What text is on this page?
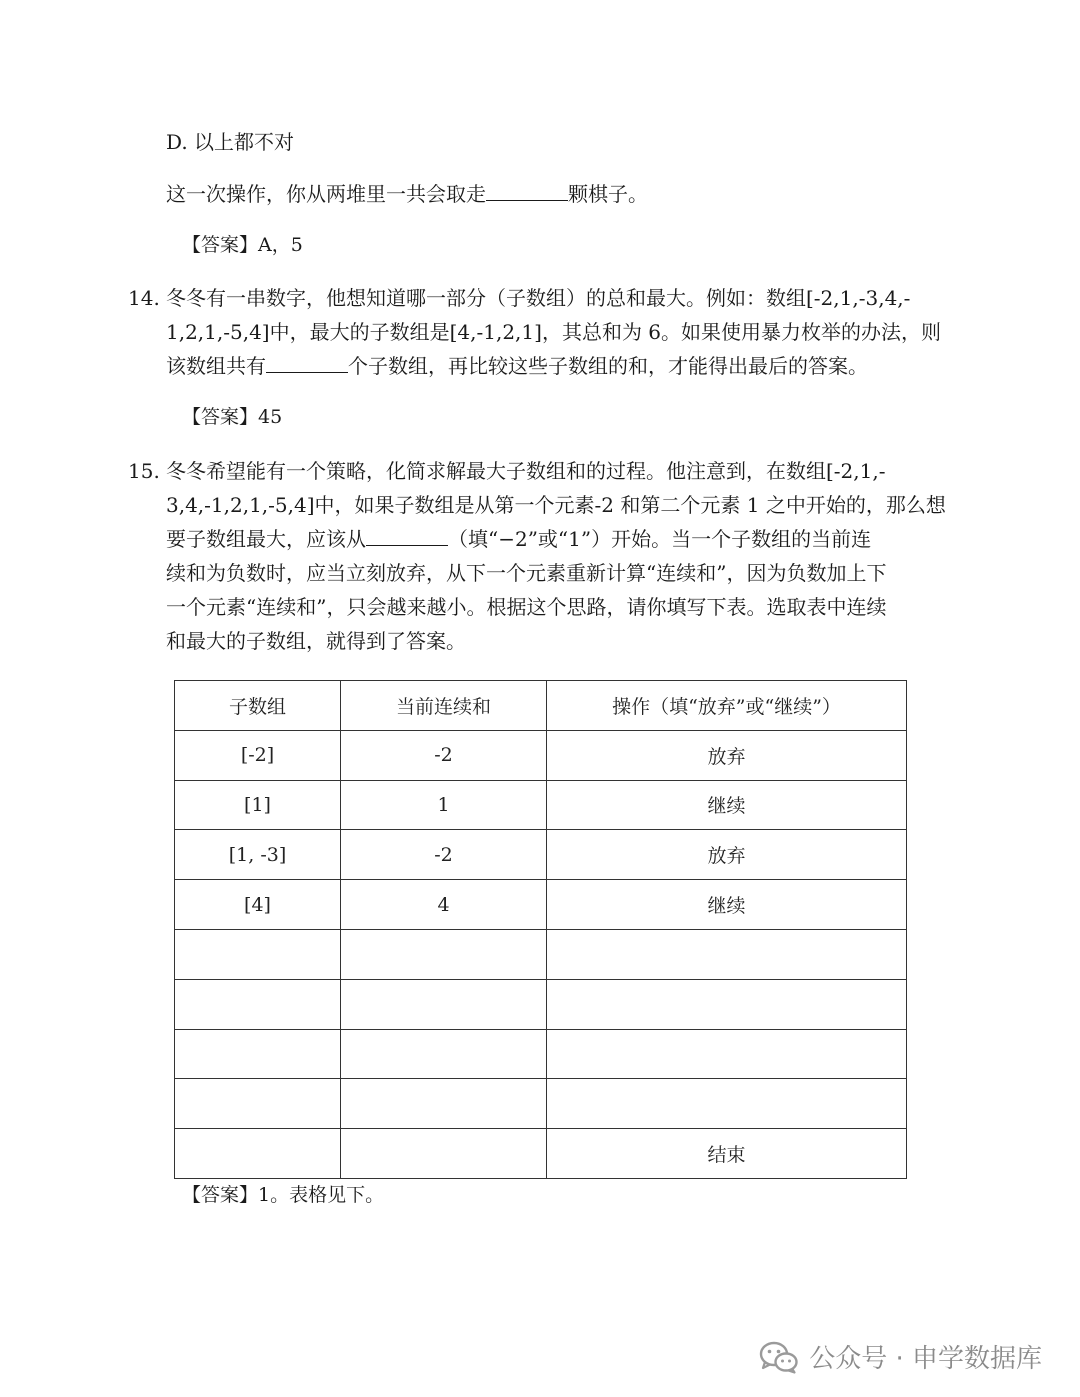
D. 以上都不对
这一次操作，你从两堆里一共会取走	颗棋子。
【答案】A，5
14. 冬冬有一串数字，他想知道哪一部分（子数组）的总和最大。例如：数组[-2,1,-3,4,-
1,2,1,-5,4]中，最大的子数组是[4,-1,2,1]，其总和为 6。如果使用暴力枚举的办法，则
该数组共有	个子数组，再比较这些子数组的和，才能得出最后的答案。
【答案】45
15. 冬冬希望能有一个策略，化简求解最大子数组和的过程。他注意到，在数组[-2,1,-
3,4,-1,2,1,-5,4]中，如果子数组是从第一个元素-2 和第二个元素 1 之中开始的，那么想
要子数组最大，应该从	（填“−2”或“1”）开始。当一个子数组的当前连
续和为负数时，应当立刻放弃，从下一个元素重新计算“连续和”，因为负数加上下
一个元素“连续和”，只会越来越小。根据这个思路，请你填写下表。选取表中连续
和最大的子数组，就得到了答案。
子数组	当前连续和	操作（填“放弃”或“继续”）
[-2]	-2	放弃
[1]	1	继续
[1, -3]	-2	放弃
[4]	4	继续

		结束
【答案】1。表格见下。
公众号 · 申学数据库
